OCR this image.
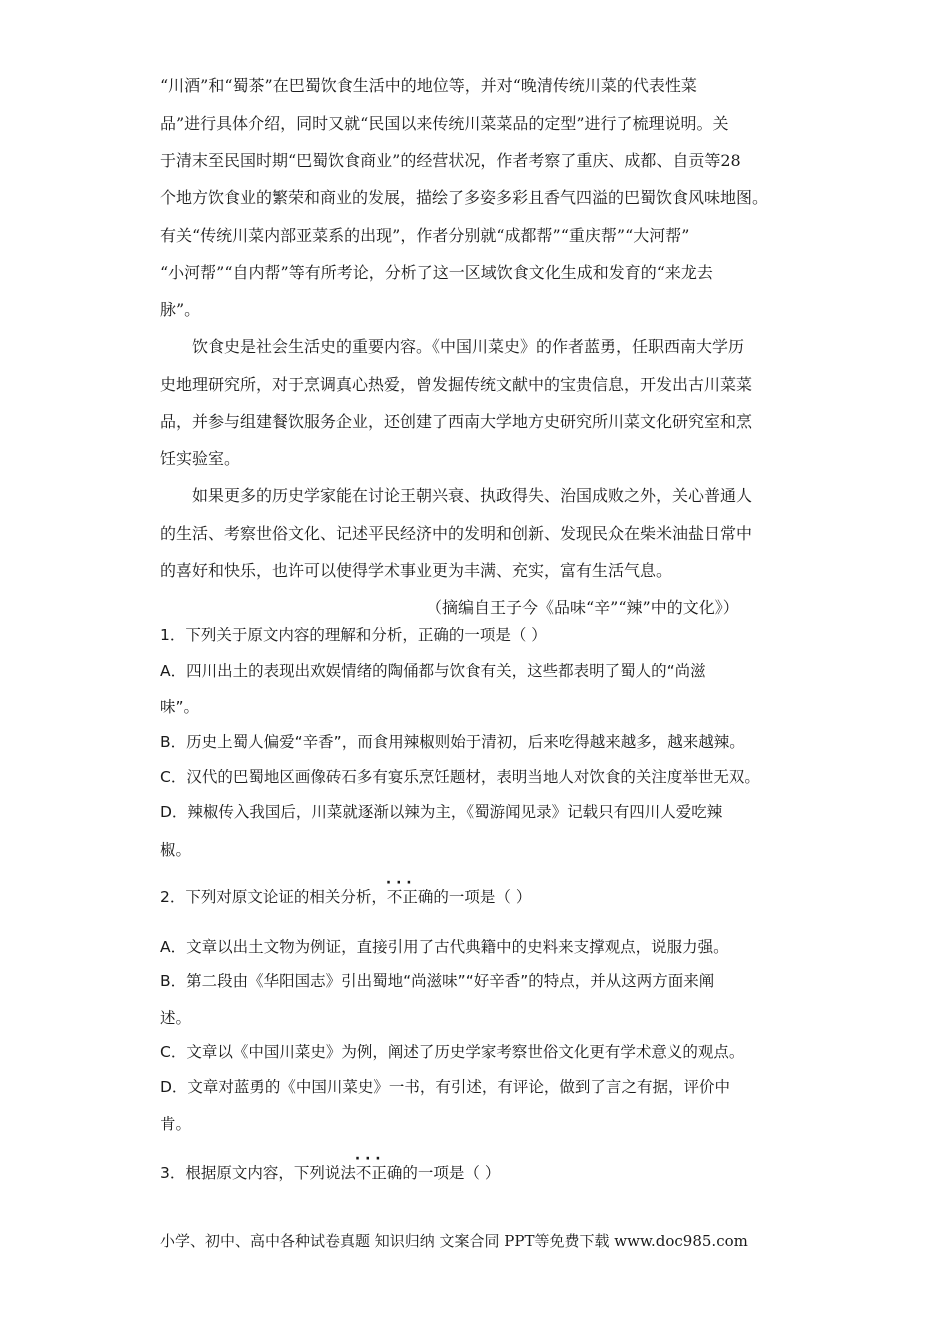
“川酒”和“蜀茶”在巴蜀饮食生活中的地位等，并对“晚清传统川菜的代表性菜

品”进行具体介绍，同时又就“民国以来传统川菜菜品的定型”进行了梳理说明。关

于清末至民国时期“巴蜀饮食商业”的经营状况，作者考察了重庆、成都、自贡等28

个地方饮食业的繁荣和商业的发展，描绘了多姿多彩且香气四溢的巴蜀饮食风味地图。

有关“传统川菜内部亚菜系的出现”，作者分别就“成都帮”“重庆帮”“大河帮”

“小河帮”“自内帮”等有所考论，分析了这一区域饮食文化生成和发育的“来龙去

脉”。

饮食史是社会生活史的重要内容。《中国川菜史》的作者蓝勇，任职西南大学历

史地理研究所，对于烹调真心热爱，曾发掘传统文献中的宝贵信息，开发出古川菜菜

品，并参与组建餐饮服务企业，还创建了西南大学地方史研究所川菜文化研究室和烹

饪实验室。

如果更多的历史学家能在讨论王朝兴衰、执政得失、治国成败之外，关心普通人

的生活、考察世俗文化、记述平民经济中的发明和创新、发现民众在柴米油盐日常中

的喜好和快乐，也许可以使得学术事业更为丰满、充实，富有生活气息。

（摘编自王子今《品味“辛”“辣”中的文化》）

1．下列关于原文内容的理解和分析，正确的一项是（ ）

A．四川出土的表现出欢娱情绪的陶俑都与饮食有关，这些都表明了蜀人的“尚滋

味”。

B．历史上蜀人偏爱“辛香”，而食用辣椒则始于清初，后来吃得越来越多，越来越辣。

C．汉代的巴蜀地区画像砖石多有宴乐烹饪题材，表明当地人对饮食的关注度举世无双。

D．辣椒传入我国后，川菜就逐渐以辣为主，《蜀游闻见录》记载只有四川人爱吃辣

椒。

2．下列对原文论证的相关分析，· · · 不正确的一项是（ ）

A．文章以出土文物为例证，直接引用了古代典籍中的史料来支撑观点，说服力强。

B．第二段由《华阳国志》引出蜀地“尚滋味”“好辛香”的特点，并从这两方面来阐

述。

C．文章以《中国川菜史》为例，阐述了历史学家考察世俗文化更有学术意义的观点。

D．文章对蓝勇的《中国川菜史》一书，有引述，有评论，做到了言之有据，评价中

肯。

3．根据原文内容，下列说法· · · 不正确的一项是（ ）

小学、初中、高中各种试卷真题 知识归纳 文案合同 PPT等免费下载 www.doc985.com
